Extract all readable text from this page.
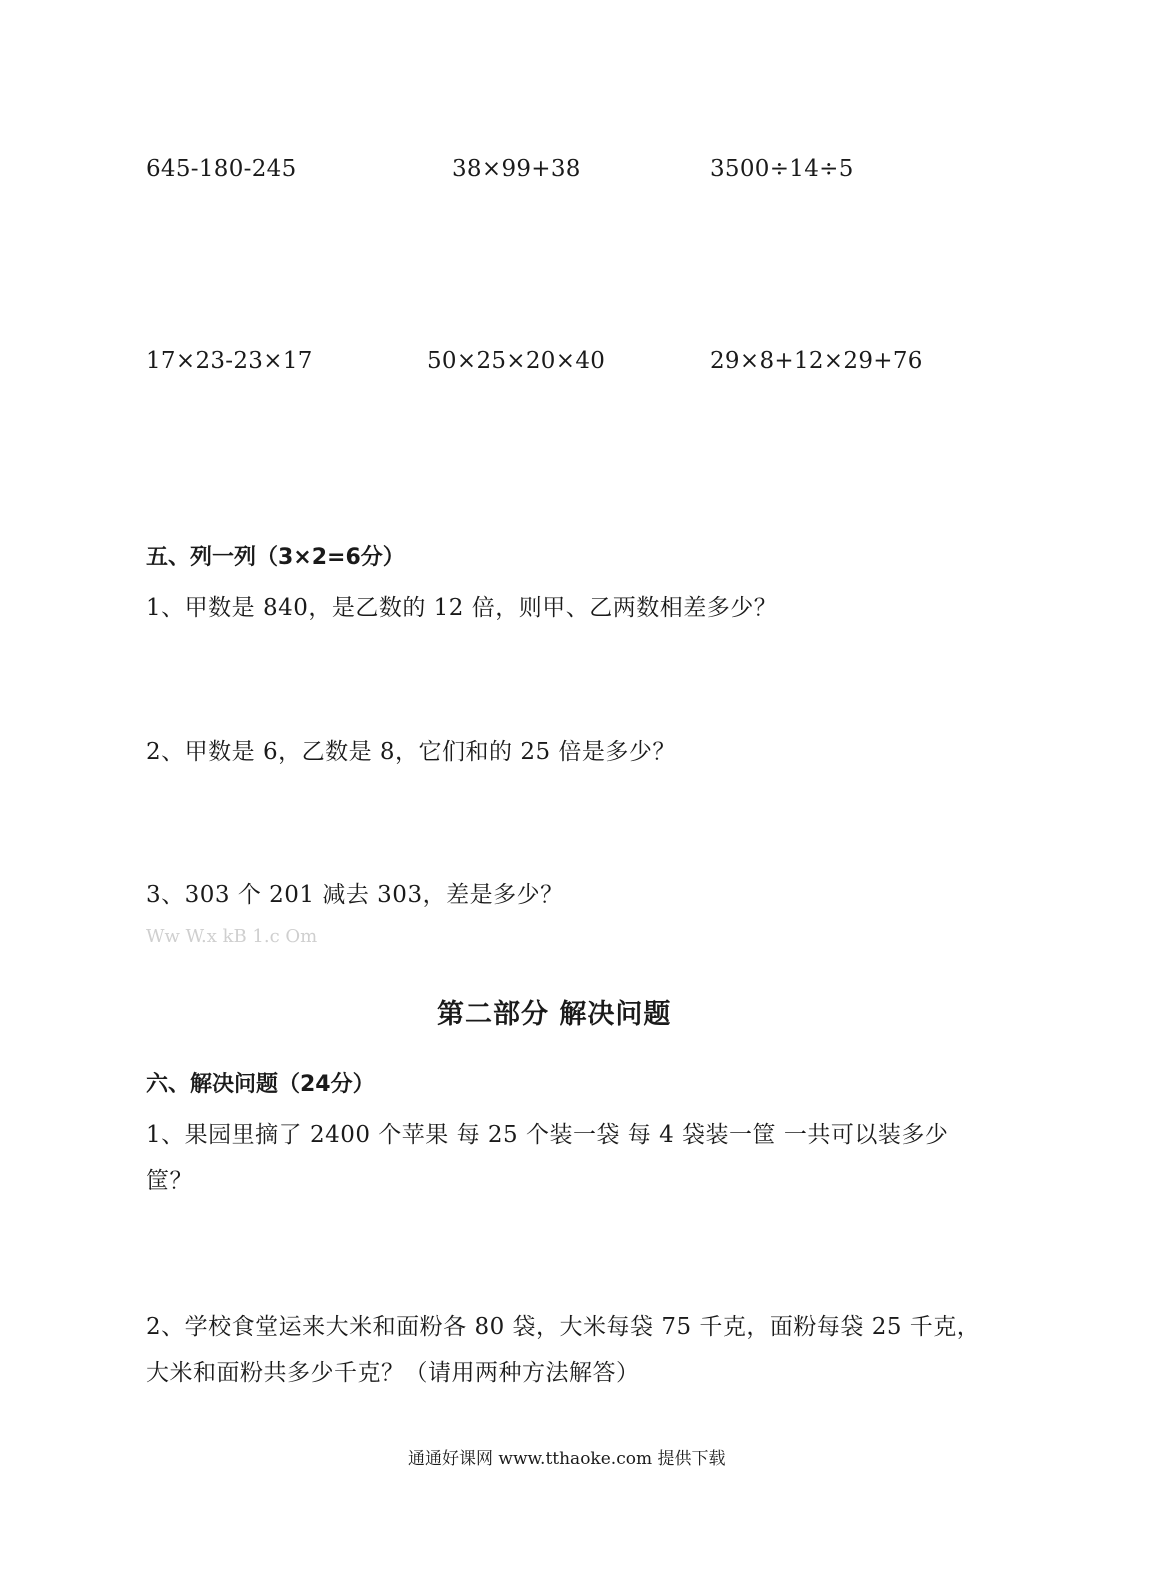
645-180-245	38×99+38	3500÷14÷5
17×23-23×17	50×25×20×40	29×8+12×29+76
五、列一列（3×2=6分）
1、甲数是 840，是乙数的 12 倍，则甲、乙两数相差多少？
2、甲数是 6，乙数是 8，它们和的 25 倍是多少？
3、303 个 201 减去 303，差是多少？
Ww W.x kB 1.c Om
第二部分 解决问题
六、解决问题（24分）
1、果园里摘了 2400 个苹果 每 25 个装一袋 每 4 袋装一筐 一共可以装多少
筐？
2、学校食堂运来大米和面粉各 80 袋，大米每袋 75 千克，面粉每袋 25 千克，
大米和面粉共多少千克？（请用两种方法解答）
通通好课网 www.tthaoke.com 提供下载
